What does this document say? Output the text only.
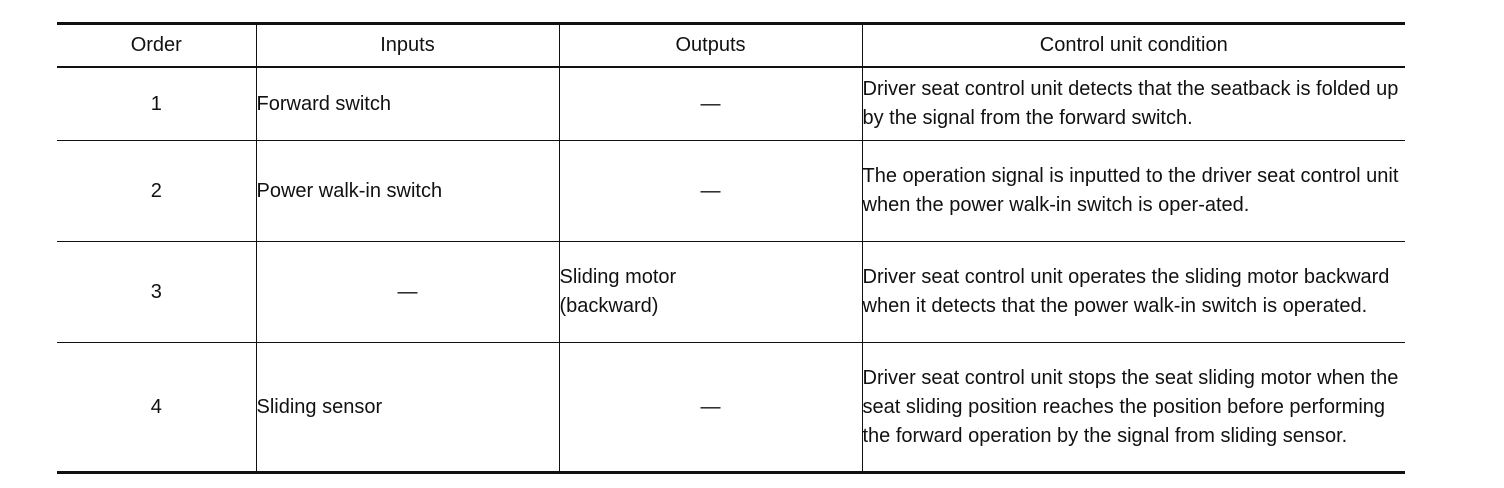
Order	Inputs	Outputs	Control unit condition
1	Forward switch	—	Driver seat control unit detects that the seatback is folded up by the signal from the forward switch.
2	Power walk-in switch	—	The operation signal is inputted to the driver seat control unit when the power walk-in switch is oper-ated.
3	—	Sliding motor (backward)	Driver seat control unit operates the sliding motor backward when it detects that the power walk-in switch is operated.
4	Sliding sensor	—	Driver seat control unit stops the seat sliding motor when the seat sliding position reaches the position before performing the forward operation by the signal from sliding sensor.
